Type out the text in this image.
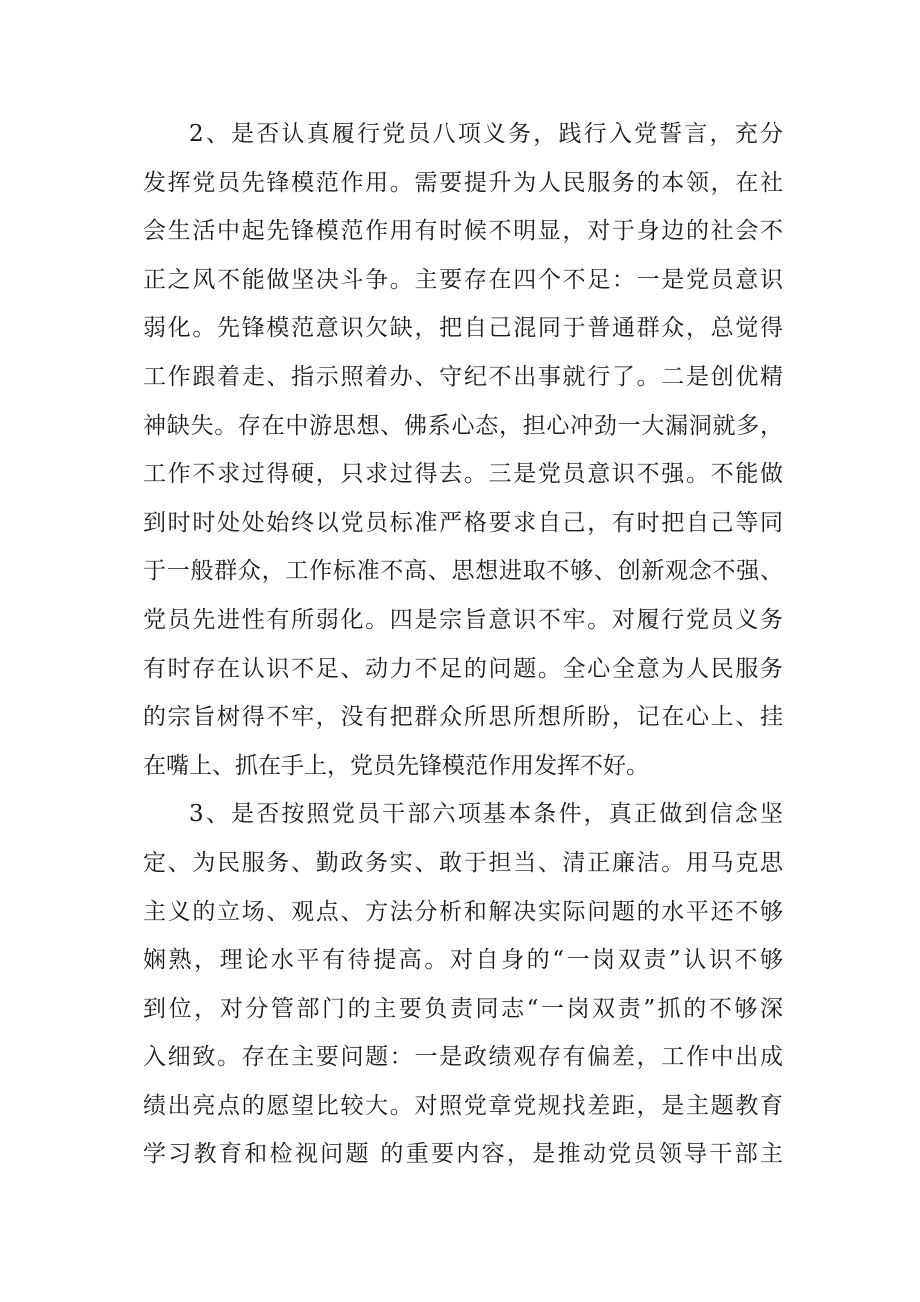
2、是否认真履行党员八项义务，践行入党誓言，充分
发挥党员先锋模范作用。需要提升为人民服务的本领，在社
会生活中起先锋模范作用有时候不明显，对于身边的社会不
正之风不能做坚决斗争。主要存在四个不足：一是党员意识
弱化。先锋模范意识欠缺，把自己混同于普通群众，总觉得
工作跟着走、指示照着办、守纪不出事就行了。二是创优精
神缺失。存在中游思想、佛系心态，担心冲劲一大漏洞就多，
工作不求过得硬，只求过得去。三是党员意识不强。不能做
到时时处处始终以党员标准严格要求自己，有时把自己等同
于一般群众，工作标准不高、思想进取不够、创新观念不强、
党员先进性有所弱化。四是宗旨意识不牢。对履行党员义务
有时存在认识不足、动力不足的问题。全心全意为人民服务
的宗旨树得不牢，没有把群众所思所想所盼，记在心上、挂
在嘴上、抓在手上，党员先锋模范作用发挥不好。
3、是否按照党员干部六项基本条件，真正做到信念坚
定、为民服务、勤政务实、敢于担当、清正廉洁。用马克思
主义的立场、观点、方法分析和解决实际问题的水平还不够
娴熟，理论水平有待提高。对自身的“一岗双责”认识不够
到位，对分管部门的主要负责同志“一岗双责”抓的不够深
入细致。存在主要问题：一是政绩观存有偏差，工作中出成
绩出亮点的愿望比较大。对照党章党规找差距，是主题教育
学习教育和检视问题 的重要内容，是推动党员领导干部主
